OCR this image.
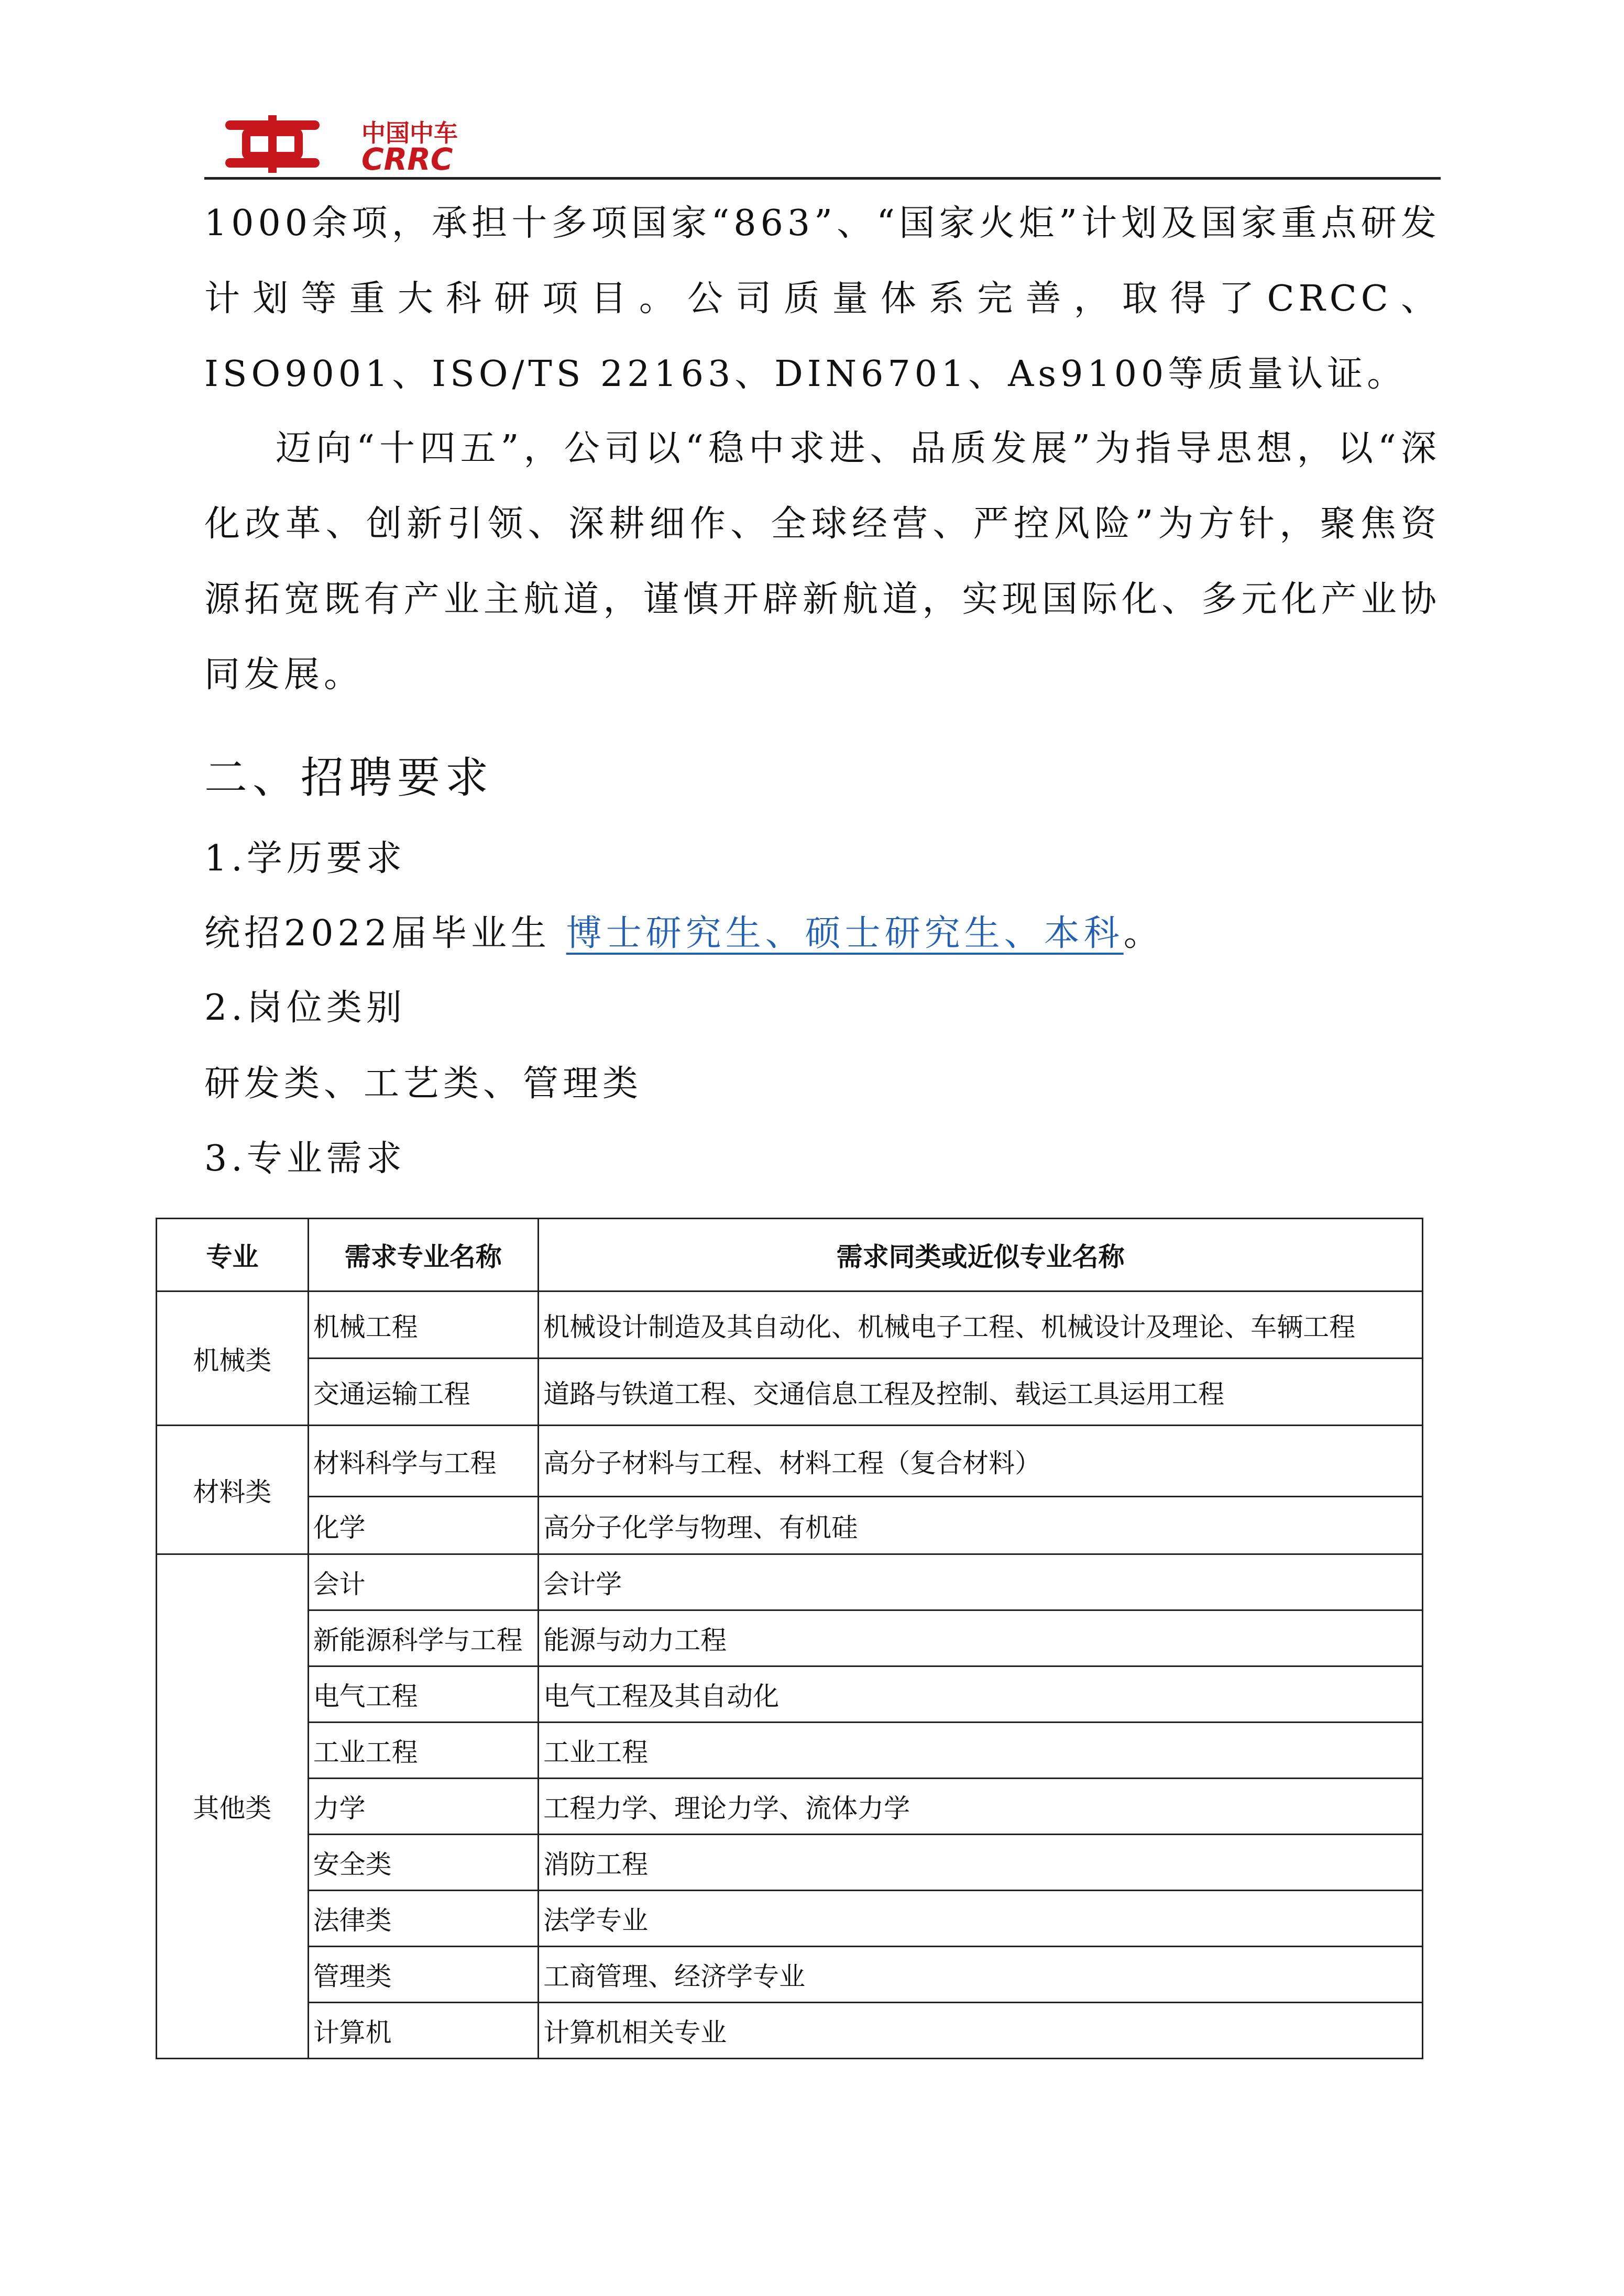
中国中车
CRRC
1000余项，承担十多项国家“863”、“国家火炬”计划及国家重点研发计划等重大科研项目。公司质量体系完善，取得了CRCC、ISO9001、ISO/TS 22163、DIN6701、As9100等质量认证。
迈向“十四五”，公司以“稳中求进、品质发展”为指导思想，以“深化改革、创新引领、深耕细作、全球经营、严控风险”为方针，聚焦资源拓宽既有产业主航道，谨慎开辟新航道，实现国际化、多元化产业协同发展。
二、招聘要求
1.学历要求
统招2022届毕业生 博士研究生、硕士研究生、本科。
2.岗位类别
研发类、工艺类、管理类
3.专业需求
专业	需求专业名称	需求同类或近似专业名称
机械类	机械工程	机械设计制造及其自动化、机械电子工程、机械设计及理论、车辆工程
	交通运输工程	道路与铁道工程、交通信息工程及控制、载运工具运用工程
材料类	材料科学与工程	高分子材料与工程、材料工程（复合材料）
	化学	高分子化学与物理、有机硅
其他类	会计	会计学
	新能源科学与工程	能源与动力工程
	电气工程	电气工程及其自动化
	工业工程	工业工程
	力学	工程力学、理论力学、流体力学
	安全类	消防工程
	法律类	法学专业
	管理类	工商管理、经济学专业
	计算机	计算机相关专业
